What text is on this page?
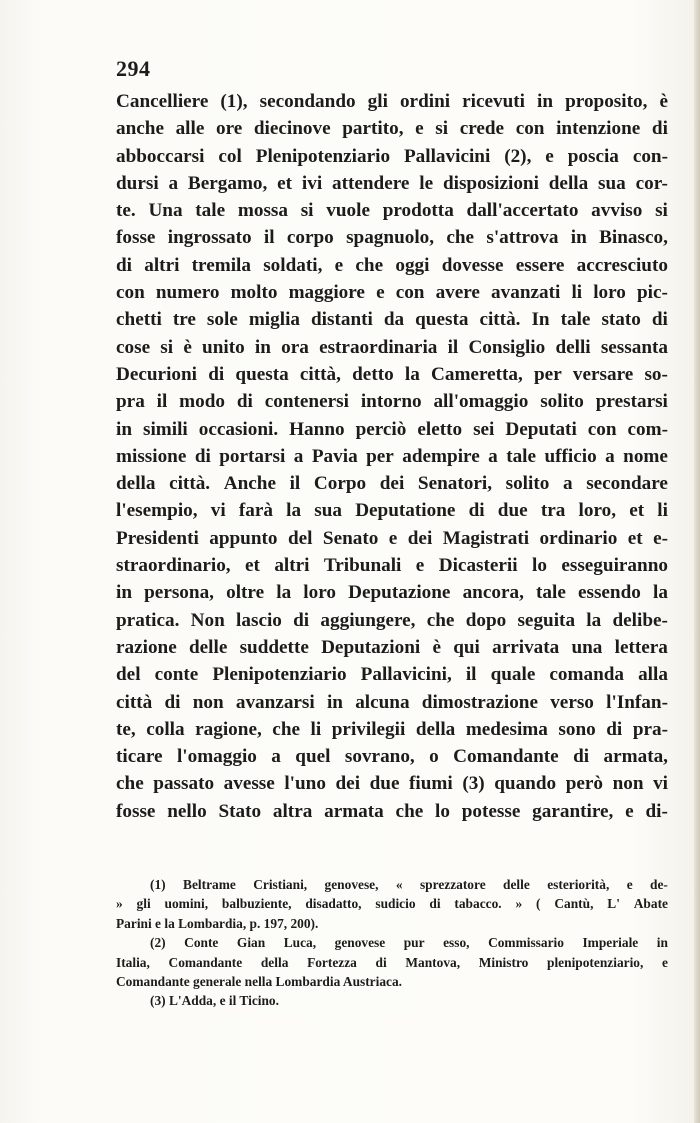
294
Cancelliere (1), secondando gli ordini ricevuti in proposito, è
anche alle ore diecinove partito, e si crede con intenzione di
abboccarsi col Plenipotenziario Pallavicini (2), e poscia con-
dursi a Bergamo, et ivi attendere le disposizioni della sua cor-
te. Una tale mossa si vuole prodotta dall'accertato avviso si
fosse ingrossato il corpo spagnuolo, che s'attrova in Binasco,
di altri tremila soldati, e che oggi dovesse essere accresciuto
con numero molto maggiore e con avere avanzati li loro pic-
chetti tre sole miglia distanti da questa città. In tale stato di
cose si è unito in ora estraordinaria il Consiglio delli sessanta
Decurioni di questa città, detto la Cameretta, per versare so-
pra il modo di contenersi intorno all'omaggio solito prestarsi
in simili occasioni. Hanno perciò eletto sei Deputati con com-
missione di portarsi a Pavia per adempire a tale ufficio a nome
della città. Anche il Corpo dei Senatori, solito a secondare
l'esempio, vi farà la sua Deputatione di due tra loro, et li
Presidenti appunto del Senato e dei Magistrati ordinario et e-
straordinario, et altri Tribunali e Dicasterii lo esseguiranno
in persona, oltre la loro Deputazione ancora, tale essendo la
pratica. Non lascio di aggiungere, che dopo seguita la delibe-
razione delle suddette Deputazioni è qui arrivata una lettera
del conte Plenipotenziario Pallavicini, il quale comanda alla
città di non avanzarsi in alcuna dimostrazione verso l'Infan-
te, colla ragione, che li privilegii della medesima sono di pra-
ticare l'omaggio a quel sovrano, o Comandante di armata,
che passato avesse l'uno dei due fiumi (3) quando però non vi
fosse nello Stato altra armata che lo potesse garantire, e di-
(1) Beltrame Cristiani, genovese, « sprezzatore delle esteriorità, e de-
» gli uomini, balbuziente, disadatto, sudicio di tabacco. » ( Cantù, L' Abate
Parini e la Lombardia, p. 197, 200).
(2) Conte Gian Luca, genovese pur esso, Commissario Imperiale in
Italia, Comandante della Fortezza di Mantova, Ministro plenipotenziario, e
Comandante generale nella Lombardia Austriaca.
(3) L'Adda, e il Ticino.
